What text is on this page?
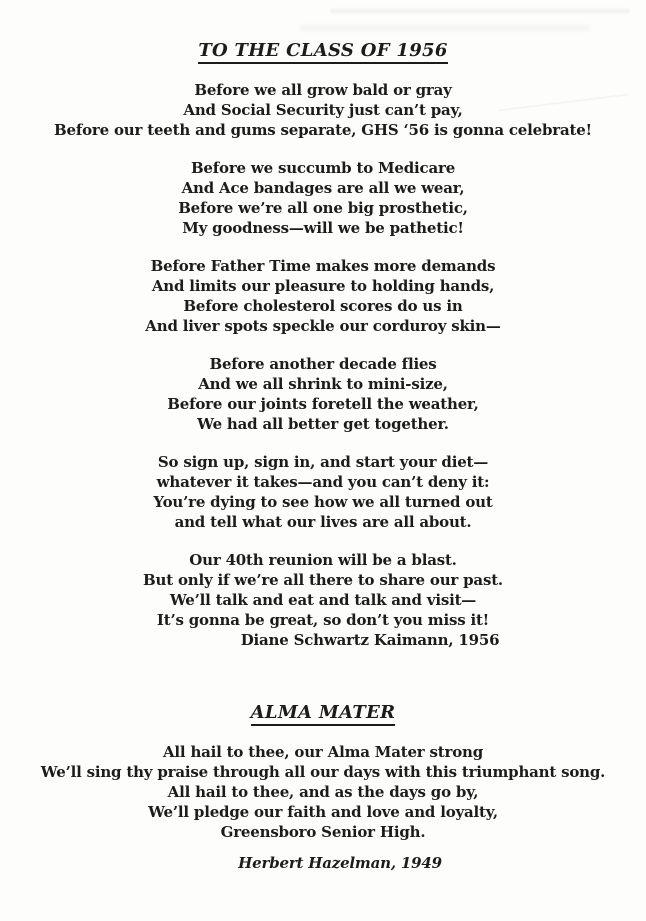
TO THE CLASS OF 1956
Before we all grow bald or gray
And Social Security just can’t pay,
Before our teeth and gums separate, GHS ‘56 is gonna celebrate!
Before we succumb to Medicare
And Ace bandages are all we wear,
Before we’re all one big prosthetic,
My goodness—will we be pathetic!
Before Father Time makes more demands
And limits our pleasure to holding hands,
Before cholesterol scores do us in
And liver spots speckle our corduroy skin—
Before another decade flies
And we all shrink to mini-size,
Before our joints foretell the weather,
We had all better get together.
So sign up, sign in, and start your diet—
whatever it takes—and you can’t deny it:
You’re dying to see how we all turned out
and tell what our lives are all about.
Our 40th reunion will be a blast.
But only if we’re all there to share our past.
We’ll talk and eat and talk and visit—
It’s gonna be great, so don’t you miss it!
Diane Schwartz Kaimann, 1956
ALMA MATER
All hail to thee, our Alma Mater strong
We’ll sing thy praise through all our days with this triumphant song.
All hail to thee, and as the days go by,
We’ll pledge our faith and love and loyalty,
Greensboro Senior High.
Herbert Hazelman, 1949
